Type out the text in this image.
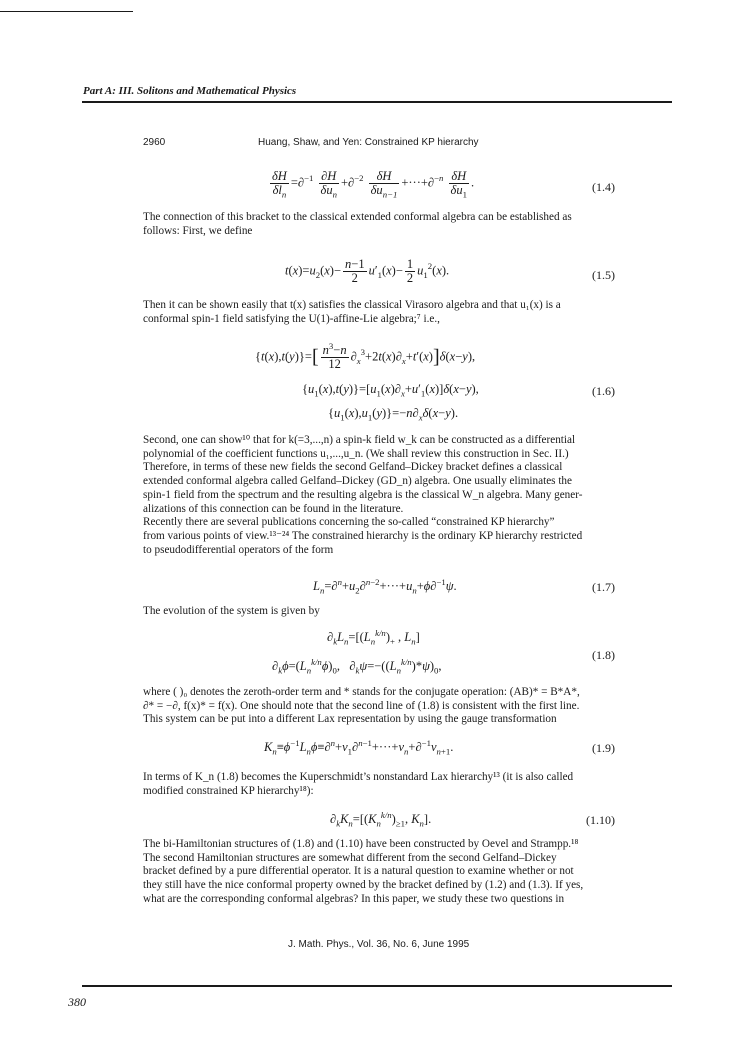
Part A: III. Solitons and Mathematical Physics
2960	Huang, Shaw, and Yen: Constrained KP hierarchy
$\frac{\delta H}{\delta l_n} =\partial^{-1} \frac{\partial H}{\delta u_n} +\partial^{-2} \frac{\delta H}{\delta u_{n-1}} +\cdot\cdot\cdot+\partial^{-n} \frac{\delta H}{\delta u_1}$ .	(1.4)
The connection of this bracket to the classical extended conformal algebra can be established as
follows: First, we define
$t(x)=u_2(x)- \frac{n-1}{2} u'_1(x)- \frac{1}{2} u_1^2(x)$.	(1.5)
Then it can be shown easily that t(x) satisfies the classical Virasoro algebra and that u₁(x) is a
conformal spin-1 field satisfying the U(1)-affine-Lie algebra;⁷ i.e.,
$\{t(x),t(y)\}=[ \frac{n^3-n}{12} \partial_x^3+2t(x)\partial_x+t'(x)]\delta(x-y)$,
$\{u_1(x),t(y)\}=[u_1(x)\partial_x+u'_1(x)]\delta(x-y)$,	(1.6)
$\{u_1(x),u_1(y)\}=-n\partial_x\delta(x-y)$.
Second, one can show¹⁰ that for k(=3,...,n) a spin-k field w_k can be constructed as a differential
polynomial of the coefficient functions u₁,...,u_n. (We shall review this construction in Sec. II.)
Therefore, in terms of these new fields the second Gelfand–Dickey bracket defines a classical
extended conformal algebra called Gelfand–Dickey (GD_n) algebra. One usually eliminates the
spin-1 field from the spectrum and the resulting algebra is the classical W_n algebra. Many gener-
alizations of this connection can be found in the literature.
Recently there are several publications concerning the so-called “constrained KP hierarchy”
from various points of view.¹³⁻²⁴ The constrained hierarchy is the ordinary KP hierarchy restricted
to pseudodifferential operators of the form
$L_n=\partial^n+u_2\partial^{n-2}+\cdot\cdot\cdot+u_n+\phi\partial^{-1}\psi$.	(1.7)
The evolution of the system is given by
$\partial_kL_n=[(L_n^{k/n})_+$ , $L_n$]
(1.8)
$\partial_k\phi=(L_n^{k/n}\phi)_0$,   $\partial_k\psi=-((L_n^{k/n})*\psi)_0$,
where ( )₀ denotes the zeroth-order term and * stands for the conjugate operation: (AB)* = B*A*,
∂* = −∂, f(x)* = f(x). One should note that the second line of (1.8) is consistent with the first line.
This system can be put into a different Lax representation by using the gauge transformation
$K_n\equiv\phi^{-1}L_n\phi\equiv\partial^n+v_1\partial^{n-1}+\cdot\cdot\cdot+v_n+\partial^{-1}v_{n+1}$.	(1.9)
In terms of K_n (1.8) becomes the Kuperschmidt’s nonstandard Lax hierarchy¹³ (it is also called
modified constrained KP hierarchy¹⁸):
$\partial_kK_n=[(K_n^{k/n})_{\ge 1}$, $K_n$].	(1.10)
The bi-Hamiltonian structures of (1.8) and (1.10) have been constructed by Oevel and Strampp.¹⁸
The second Hamiltonian structures are somewhat different from the second Gelfand–Dickey
bracket defined by a pure differential operator. It is a natural question to examine whether or not
they still have the nice conformal property owned by the bracket defined by (1.2) and (1.3). If yes,
what are the corresponding conformal algebras? In this paper, we study these two questions in
J. Math. Phys., Vol. 36, No. 6, June 1995
380
